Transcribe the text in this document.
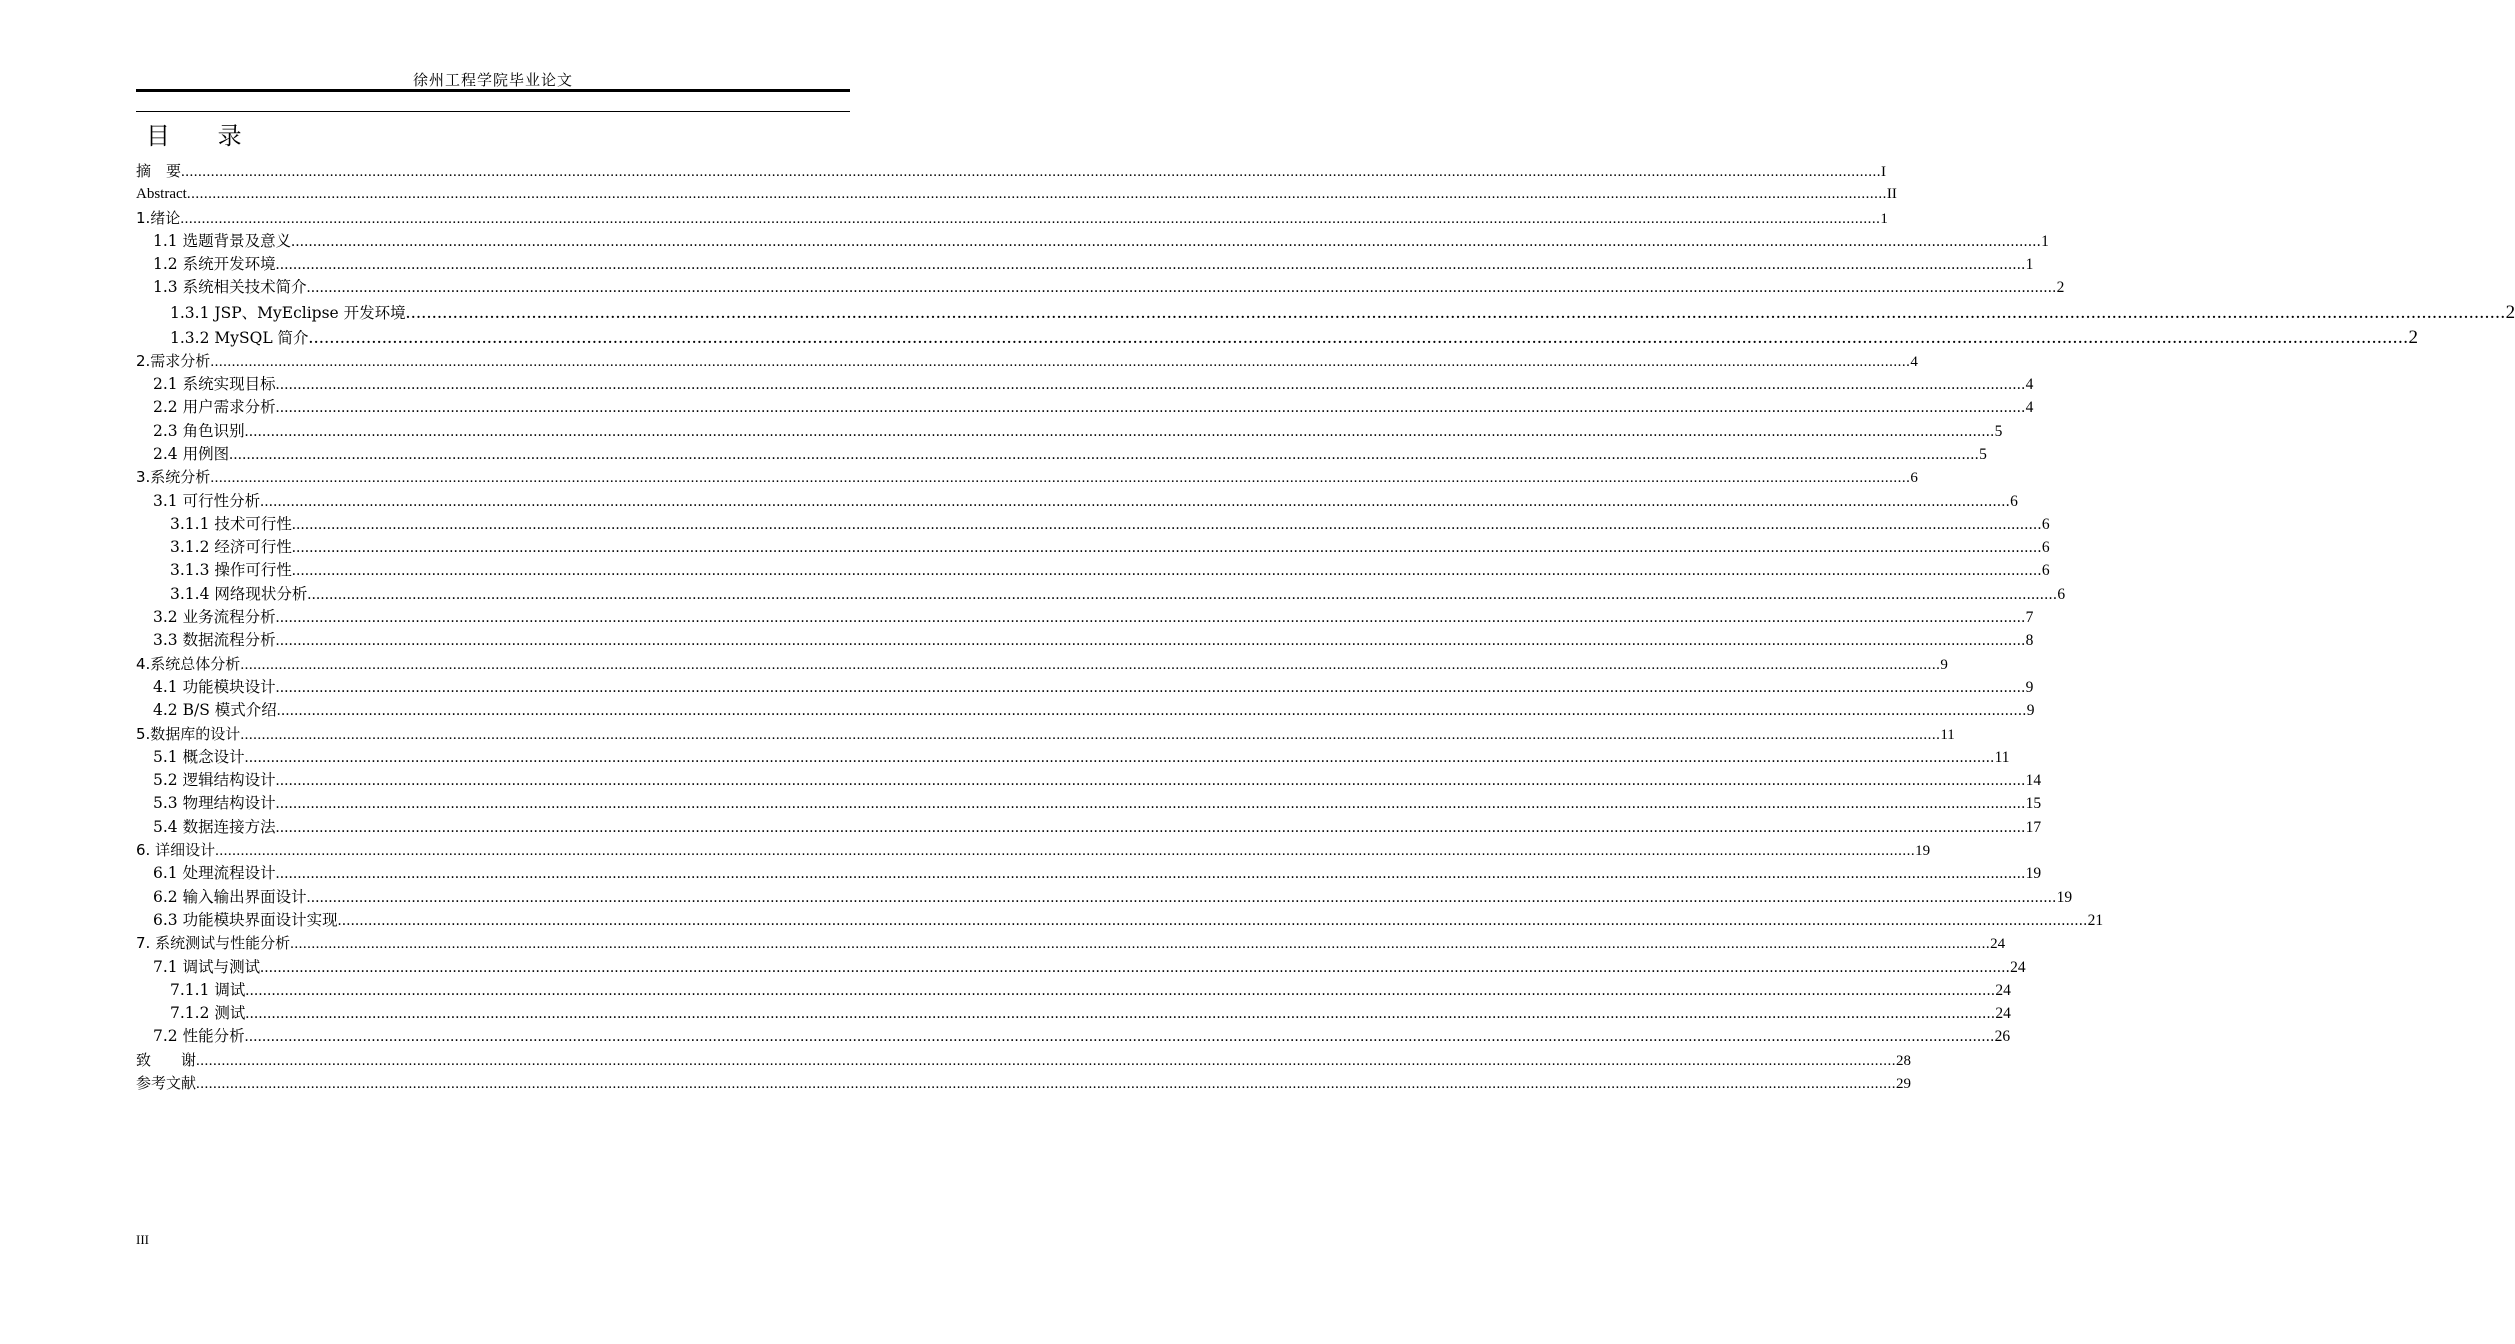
徐州工程学院毕业论文
目 录
摘　要 ................................................................................................................................................................................................................................................................................................................................................................................................................ I
Abstract ................................................................................................................................................................................................................................................................................................................................................................................................................ II
1.绪论 ................................................................................................................................................................................................................................................................................................................................................................................................................ 1
1.1 选题背景及意义 ................................................................................................................................................................................................................................................................................................................................................................................................................ 1
1.2 系统开发环境 ................................................................................................................................................................................................................................................................................................................................................................................................................ 1
1.3 系统相关技术简介 ................................................................................................................................................................................................................................................................................................................................................................................................................ 2
1.3.1 JSP、MyEclipse 开发环境 ................................................................................................................................................................................................................................................................................................................................................................................................................ 2
1.3.2 MySQL 简介 ................................................................................................................................................................................................................................................................................................................................................................................................................ 2
2.需求分析 ................................................................................................................................................................................................................................................................................................................................................................................................................ 4
2.1 系统实现目标 ................................................................................................................................................................................................................................................................................................................................................................................................................ 4
2.2 用户需求分析 ................................................................................................................................................................................................................................................................................................................................................................................................................ 4
2.3 角色识别 ................................................................................................................................................................................................................................................................................................................................................................................................................ 5
2.4 用例图 ................................................................................................................................................................................................................................................................................................................................................................................................................ 5
3.系统分析 ................................................................................................................................................................................................................................................................................................................................................................................................................ 6
3.1 可行性分析 ................................................................................................................................................................................................................................................................................................................................................................................................................ 6
3.1.1 技术可行性 ................................................................................................................................................................................................................................................................................................................................................................................................................ 6
3.1.2 经济可行性 ................................................................................................................................................................................................................................................................................................................................................................................................................ 6
3.1.3 操作可行性 ................................................................................................................................................................................................................................................................................................................................................................................................................ 6
3.1.4 网络现状分析 ................................................................................................................................................................................................................................................................................................................................................................................................................ 6
3.2 业务流程分析 ................................................................................................................................................................................................................................................................................................................................................................................................................ 7
3.3 数据流程分析 ................................................................................................................................................................................................................................................................................................................................................................................................................ 8
4.系统总体分析 ................................................................................................................................................................................................................................................................................................................................................................................................................ 9
4.1 功能模块设计 ................................................................................................................................................................................................................................................................................................................................................................................................................ 9
4.2 B/S 模式介绍 ................................................................................................................................................................................................................................................................................................................................................................................................................ 9
5.数据库的设计 ................................................................................................................................................................................................................................................................................................................................................................................................................ 11
5.1 概念设计 ................................................................................................................................................................................................................................................................................................................................................................................................................ 11
5.2 逻辑结构设计 ................................................................................................................................................................................................................................................................................................................................................................................................................ 14
5.3 物理结构设计 ................................................................................................................................................................................................................................................................................................................................................................................................................ 15
5.4 数据连接方法 ................................................................................................................................................................................................................................................................................................................................................................................................................ 17
6. 详细设计 ................................................................................................................................................................................................................................................................................................................................................................................................................ 19
6.1 处理流程设计 ................................................................................................................................................................................................................................................................................................................................................................................................................ 19
6.2 输入输出界面设计 ................................................................................................................................................................................................................................................................................................................................................................................................................ 19
6.3 功能模块界面设计实现 ................................................................................................................................................................................................................................................................................................................................................................................................................ 21
7. 系统测试与性能分析 ................................................................................................................................................................................................................................................................................................................................................................................................................ 24
7.1 调试与测试 ................................................................................................................................................................................................................................................................................................................................................................................................................ 24
7.1.1 调试 ................................................................................................................................................................................................................................................................................................................................................................................................................ 24
7.1.2 测试 ................................................................................................................................................................................................................................................................................................................................................................................................................ 24
7.2 性能分析 ................................................................................................................................................................................................................................................................................................................................................................................................................ 26
致　　谢 ................................................................................................................................................................................................................................................................................................................................................................................................................ 28
参考文献 ................................................................................................................................................................................................................................................................................................................................................................................................................ 29
III
